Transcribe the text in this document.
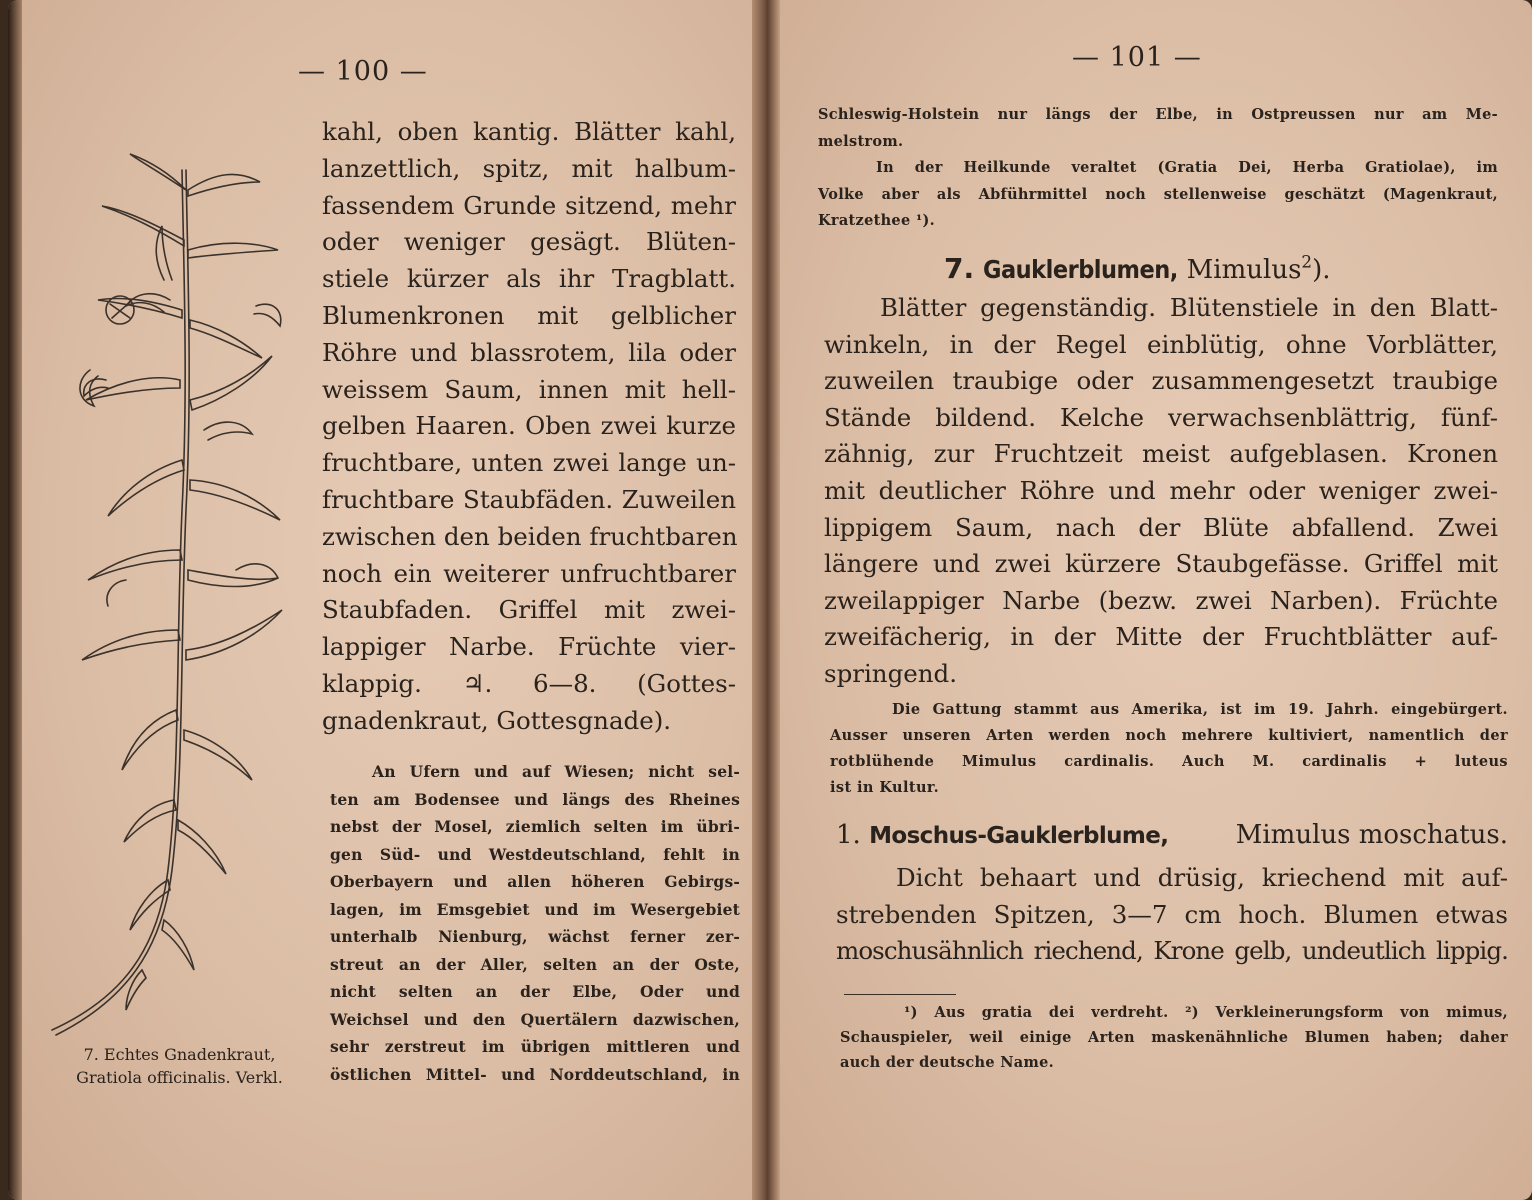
— 100 —
7. Echtes Gnadenkraut,
Gratiola officinalis. Verkl.
kahl, oben kantig. Blätter kahl,
lanzettlich, spitz, mit halbum-
fassendem Grunde sitzend, mehr
oder weniger gesägt. Blüten-
stiele kürzer als ihr Tragblatt.
Blumenkronen mit gelblicher
Röhre und blassrotem, lila oder
weissem Saum, innen mit hell-
gelben Haaren. Oben zwei kurze
fruchtbare, unten zwei lange un-
fruchtbare Staubfäden. Zuweilen
zwischen den beiden fruchtbaren
noch ein weiterer unfruchtbarer
Staubfaden. Griffel mit zwei-
lappiger Narbe. Früchte vier-
klappig. ♃. 6—8. (Gottes-
gnadenkraut, Gottesgnade).
An Ufern und auf Wiesen; nicht sel-
ten am Bodensee und längs des Rheines
nebst der Mosel, ziemlich selten im übri-
gen Süd- und Westdeutschland, fehlt in
Oberbayern und allen höheren Gebirgs-
lagen, im Emsgebiet und im Wesergebiet
unterhalb Nienburg, wächst ferner zer-
streut an der Aller, selten an der Oste,
nicht selten an der Elbe, Oder und
Weichsel und den Quertälern dazwischen,
sehr zerstreut im übrigen mittleren und
östlichen Mittel- und Norddeutschland, in
— 101 —
Schleswig-Holstein nur längs der Elbe, in Ostpreussen nur am Me-
melstrom.
In der Heilkunde veraltet (Gratia Dei, Herba Gratiolae), im
Volke aber als Abführmittel noch stellenweise geschätzt (Magenkraut,
Kratzethee ¹).
7. Gauklerblumen, Mimulus$^2$).
Blätter gegenständig. Blütenstiele in den Blatt-
winkeln, in der Regel einblütig, ohne Vorblätter,
zuweilen traubige oder zusammengesetzt traubige
Stände bildend. Kelche verwachsenblättrig, fünf-
zähnig, zur Fruchtzeit meist aufgeblasen. Kronen
mit deutlicher Röhre und mehr oder weniger zwei-
lippigem Saum, nach der Blüte abfallend. Zwei
längere und zwei kürzere Staubgefässe. Griffel mit
zweilappiger Narbe (bezw. zwei Narben). Früchte
zweifächerig, in der Mitte der Fruchtblätter auf-
springend.
Die Gattung stammt aus Amerika, ist im 19. Jahrh. eingebürgert.
Ausser unseren Arten werden noch mehrere kultiviert, namentlich der
rotblühende Mimulus cardinalis. Auch M. cardinalis + luteus
ist in Kultur.
1. Moschus-Gauklerblume,	Mimulus moschatus.
Dicht behaart und drüsig, kriechend mit auf-
strebenden Spitzen, 3—7 cm hoch. Blumen etwas
moschusähnlich riechend, Krone gelb, undeutlich lippig.
¹) Aus gratia dei verdreht. ²) Verkleinerungsform von mimus,
Schauspieler, weil einige Arten maskenähnliche Blumen haben; daher
auch der deutsche Name.
